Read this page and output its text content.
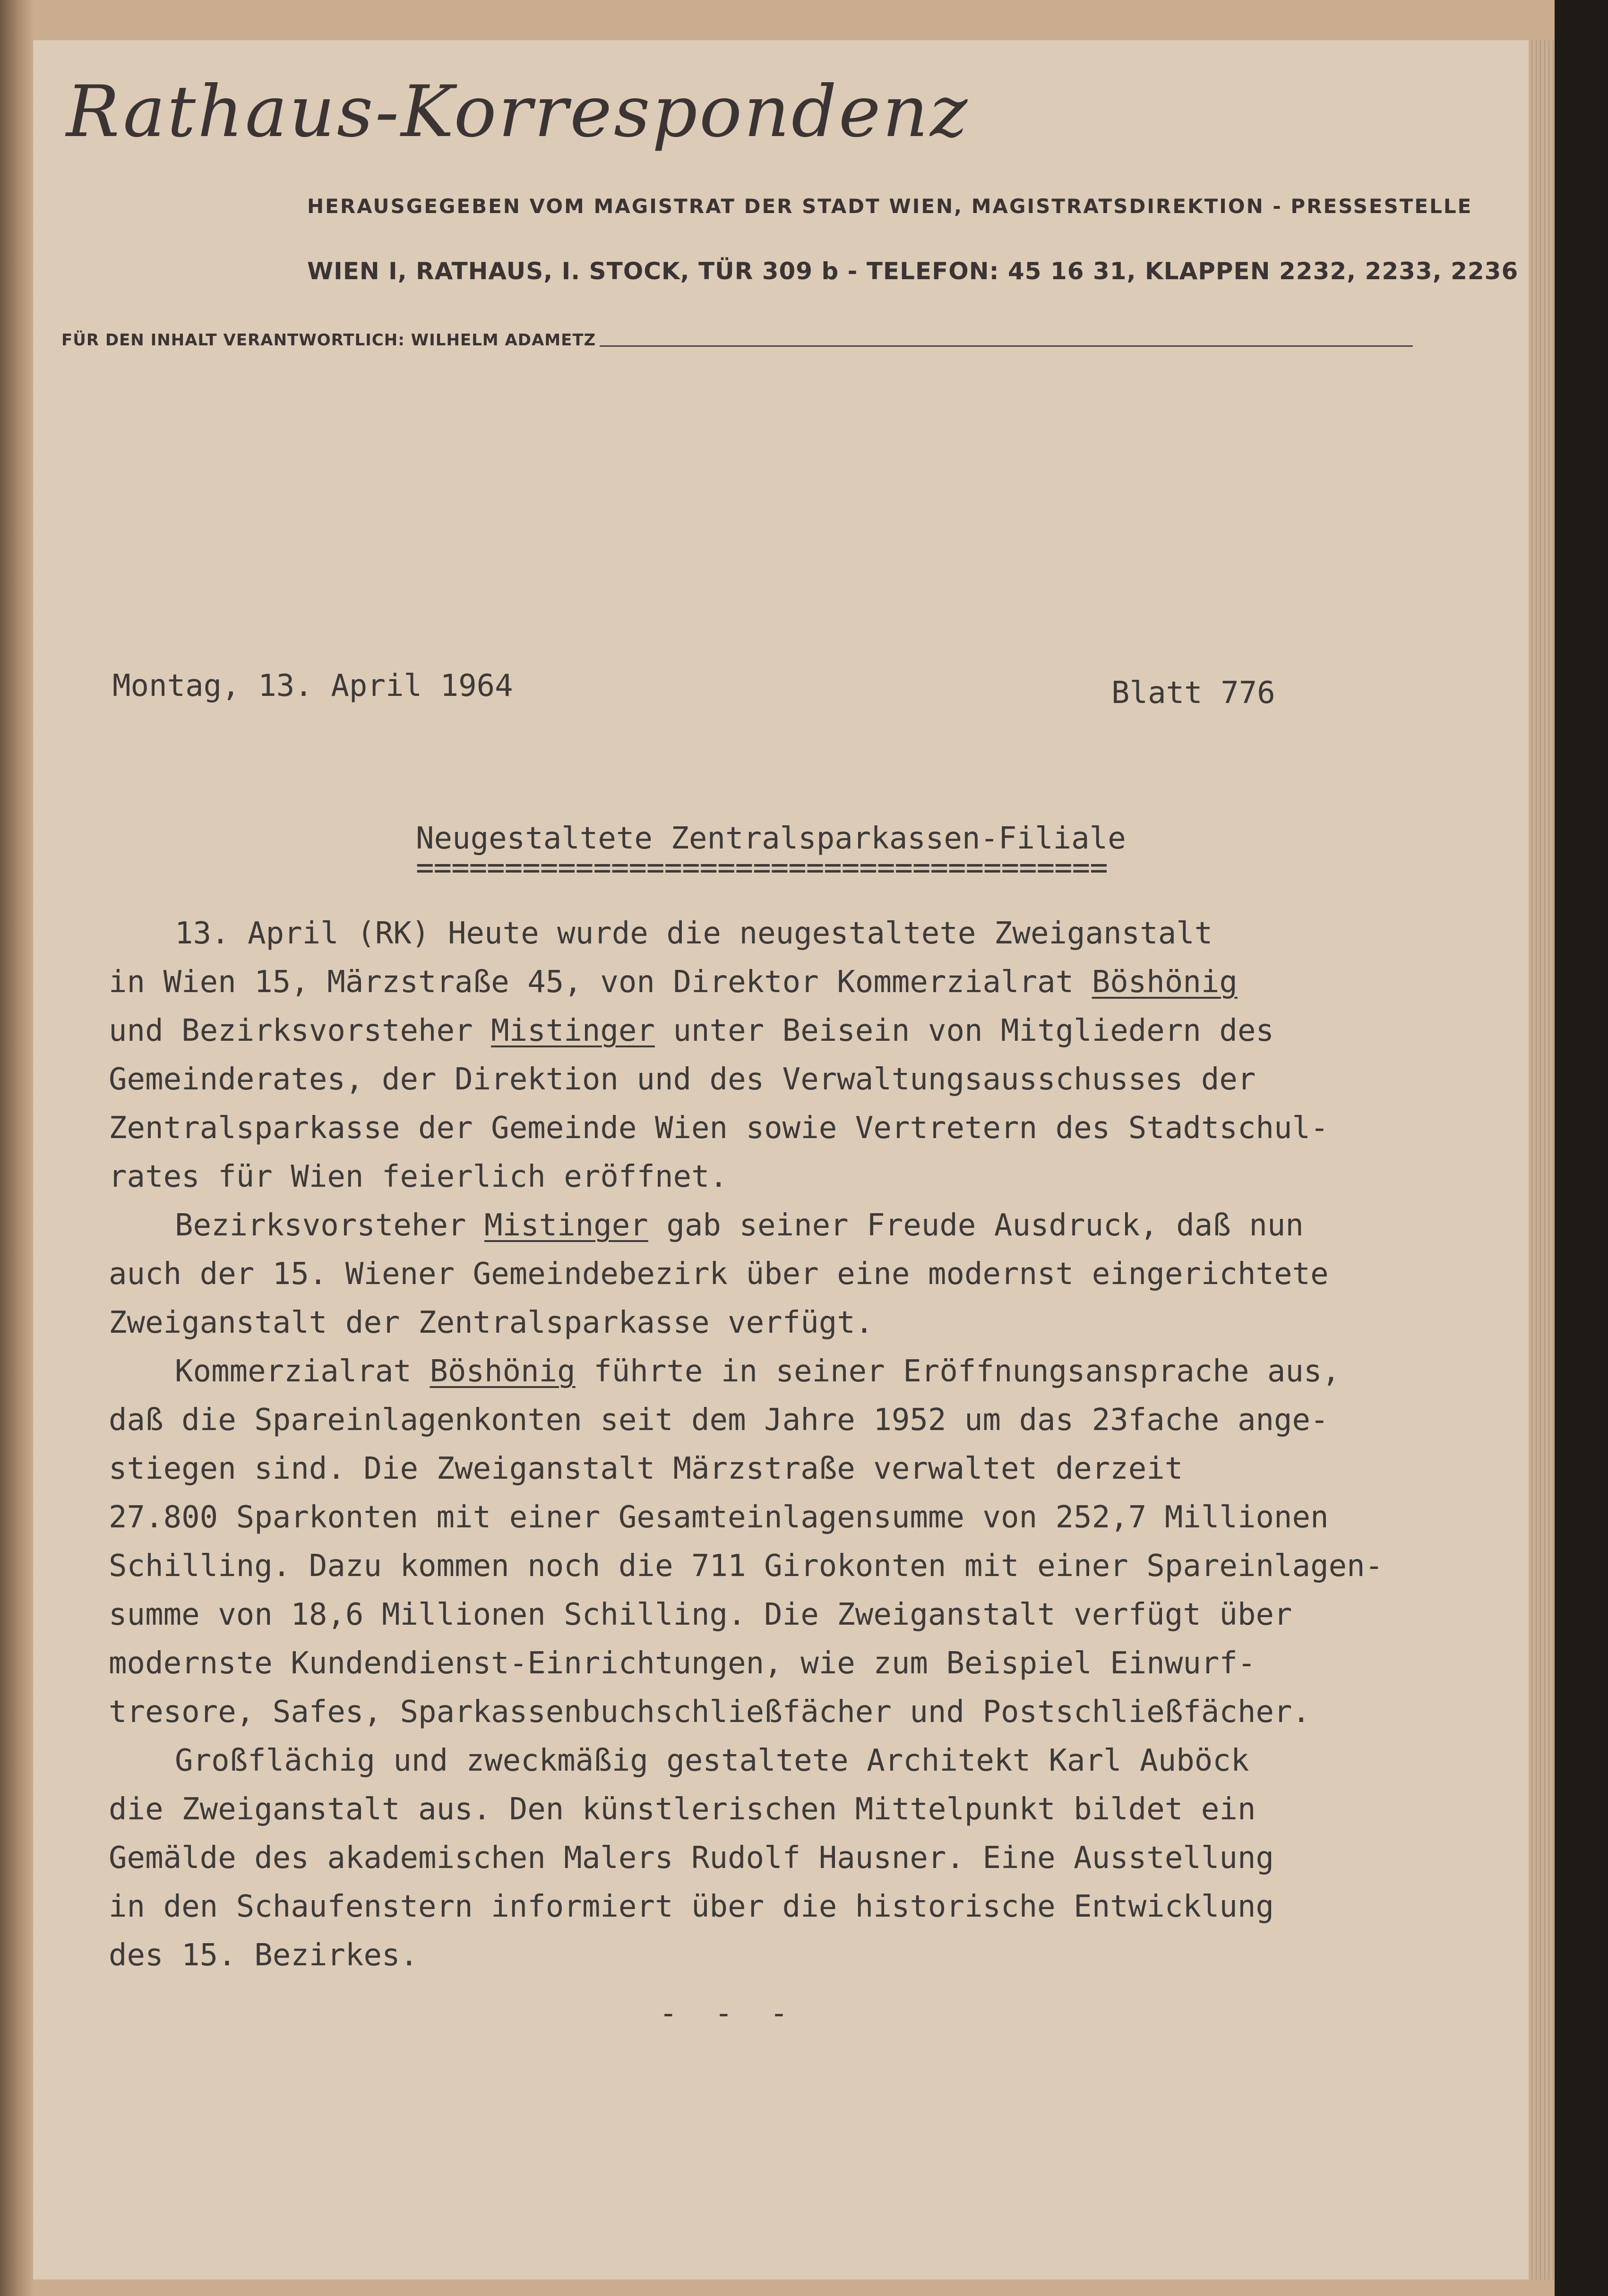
Rathaus-Korrespondenz
HERAUSGEGEBEN VOM MAGISTRAT DER STADT WIEN, MAGISTRATSDIREKTION - PRESSESTELLE
WIEN I, RATHAUS, I. STOCK, TÜR 309 b - TELEFON: 45 16 31, KLAPPEN 2232, 2233, 2236
FÜR DEN INHALT VERANTWORTLICH: WILHELM ADAMETZ
Montag, 13. April 1964	Blatt 776
Neugestaltete Zentralsparkassen-Filiale
=======================================
13. April (RK) Heute wurde die neugestaltete Zweiganstalt
in Wien 15, Märzstraße 45, von Direktor Kommerzialrat Böshönig
und Bezirksvorsteher Mistinger unter Beisein von Mitgliedern des
Gemeinderates, der Direktion und des Verwaltungsausschusses der
Zentralsparkasse der Gemeinde Wien sowie Vertretern des Stadtschul-
rates für Wien feierlich eröffnet.
Bezirksvorsteher Mistinger gab seiner Freude Ausdruck, daß nun
auch der 15. Wiener Gemeindebezirk über eine modernst eingerichtete
Zweiganstalt der Zentralsparkasse verfügt.
Kommerzialrat Böshönig führte in seiner Eröffnungsansprache aus,
daß die Spareinlagenkonten seit dem Jahre 1952 um das 23fache ange-
stiegen sind. Die Zweiganstalt Märzstraße verwaltet derzeit
27.800 Sparkonten mit einer Gesamteinlagensumme von 252,7 Millionen
Schilling. Dazu kommen noch die 711 Girokonten mit einer Spareinlagen-
summe von 18,6 Millionen Schilling. Die Zweiganstalt verfügt über
modernste Kundendienst-Einrichtungen, wie zum Beispiel Einwurf-
tresore, Safes, Sparkassenbuchschließfächer und Postschließfächer.
Großflächig und zweckmäßig gestaltete Architekt Karl Auböck
die Zweiganstalt aus. Den künstlerischen Mittelpunkt bildet ein
Gemälde des akademischen Malers Rudolf Hausner. Eine Ausstellung
in den Schaufenstern informiert über die historische Entwicklung
des 15. Bezirkes.
- - -
